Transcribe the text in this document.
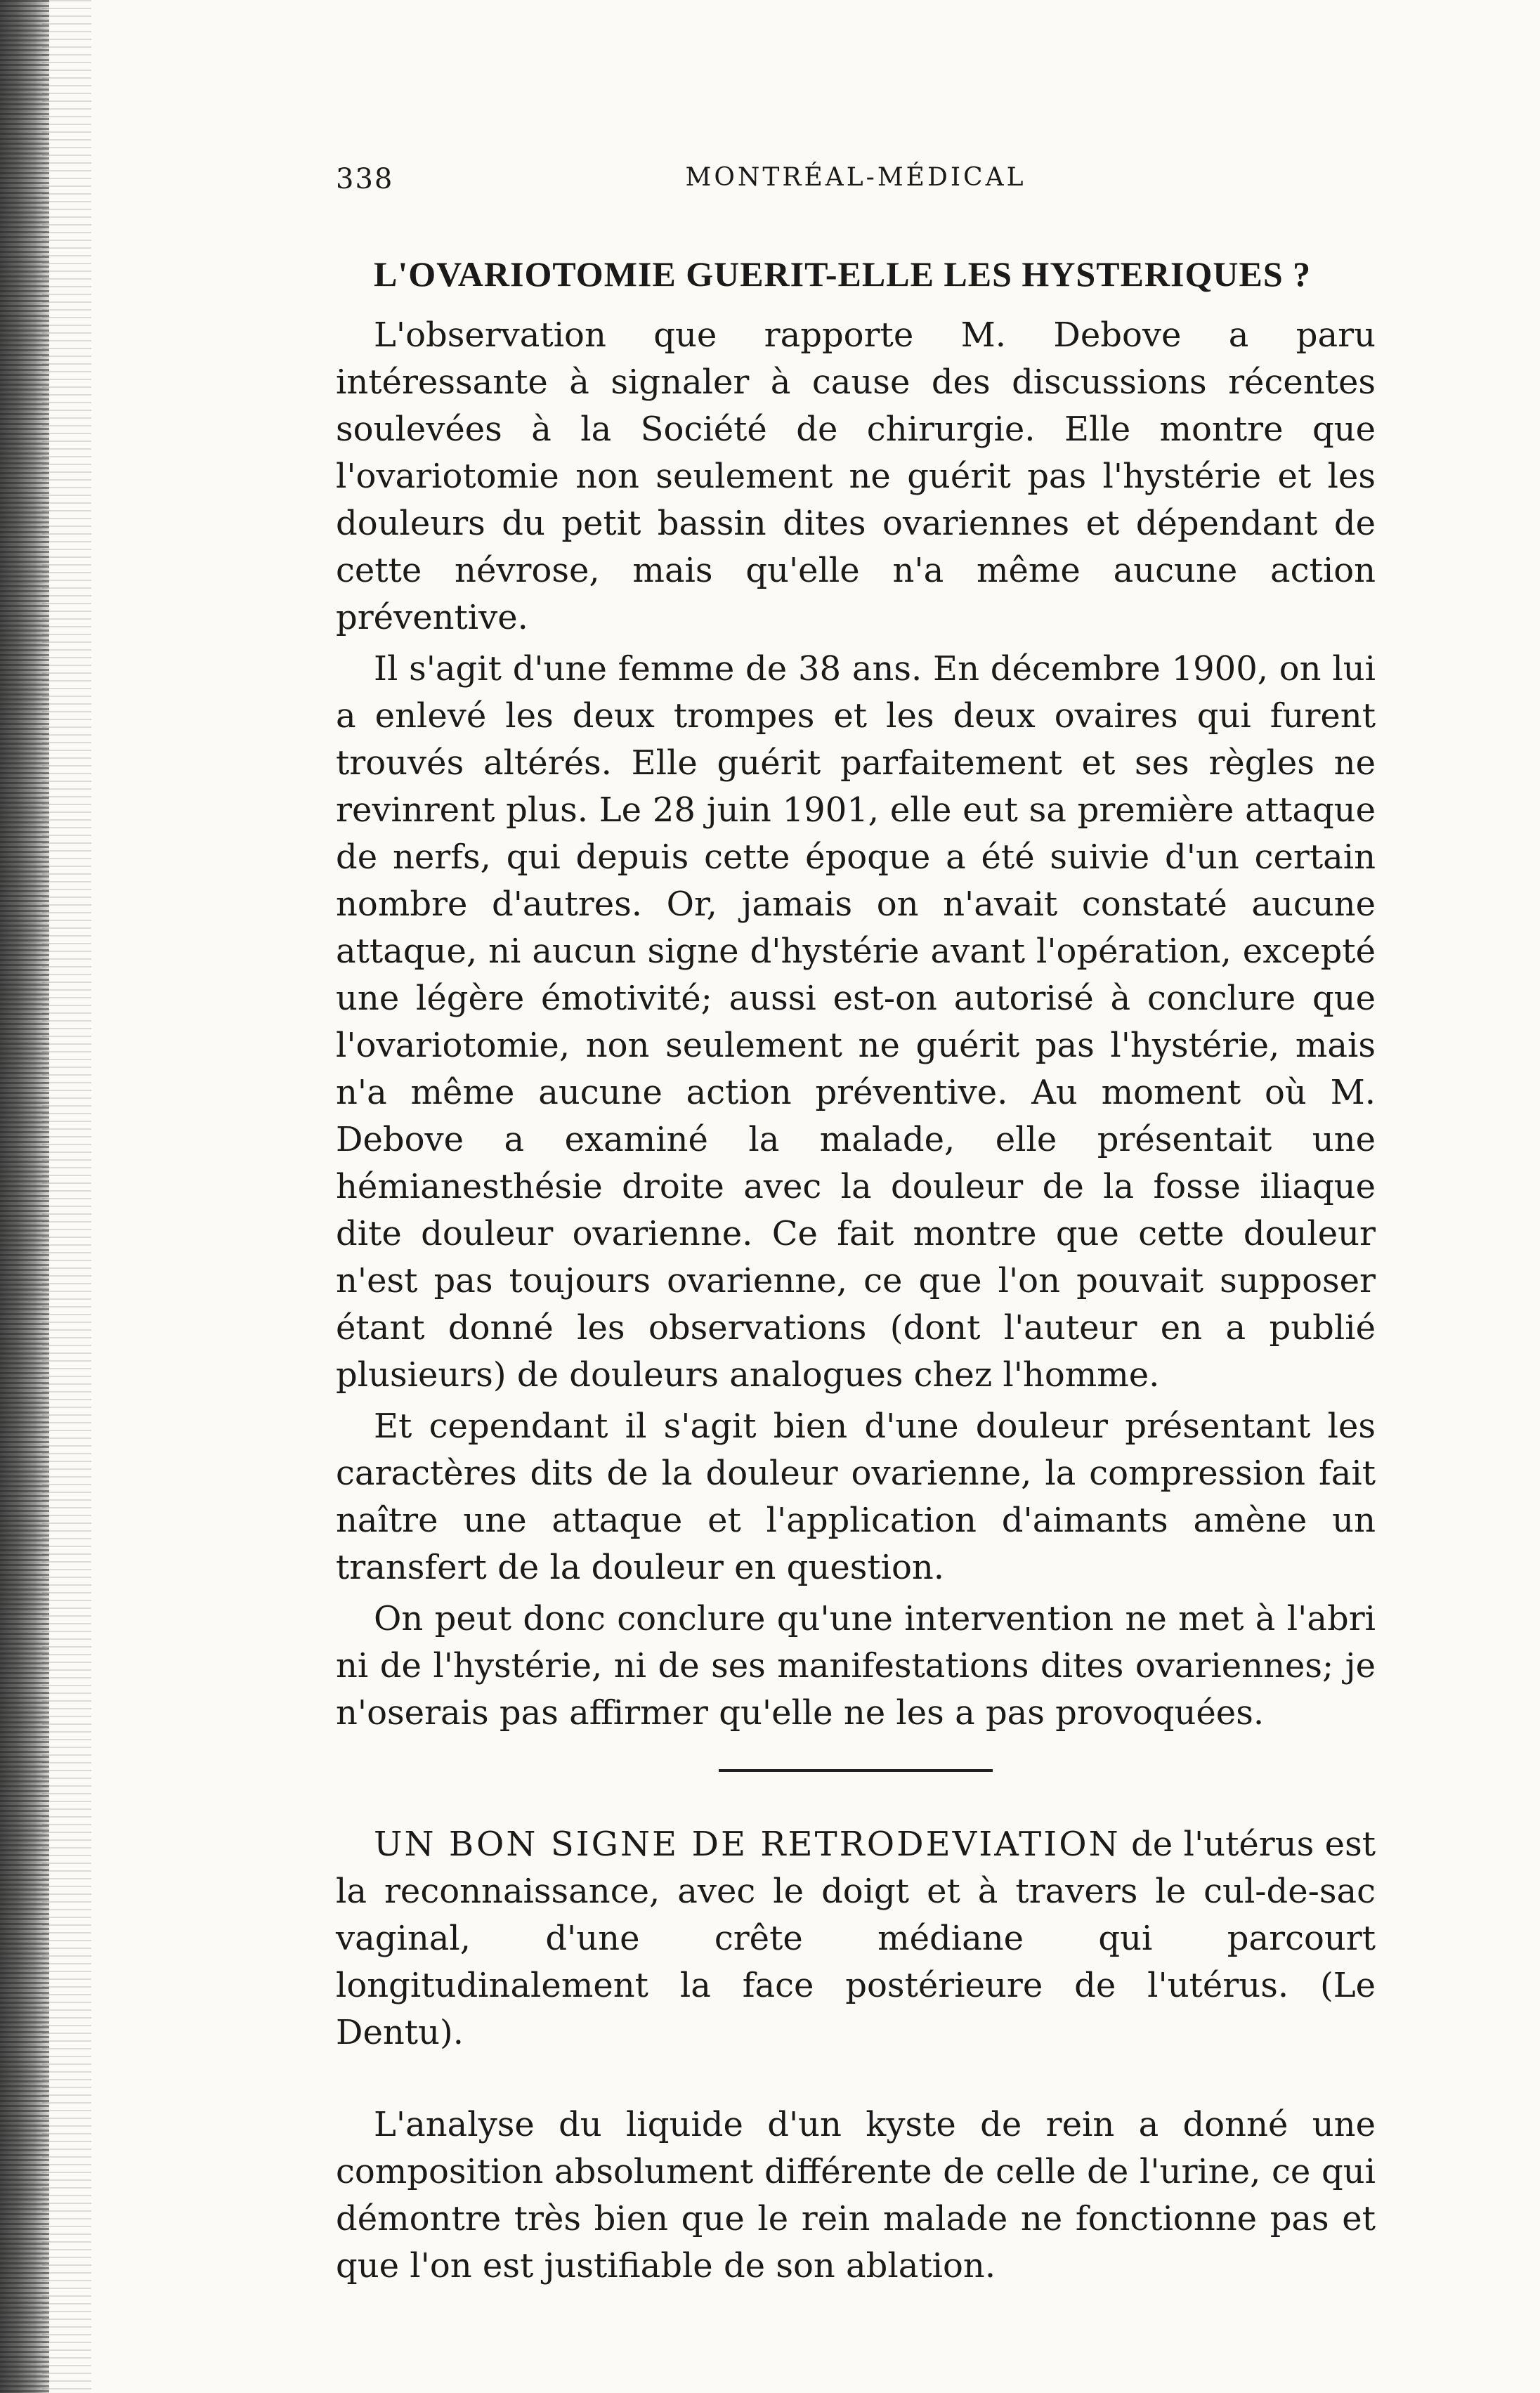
338	MONTRÉAL-MÉDICAL
L'OVARIOTOMIE GUERIT-ELLE LES HYSTERIQUES ?

L'observation que rapporte M. Debove a paru intéressante à signaler à cause des discussions récentes soulevées à la Société de chirurgie. Elle montre que l'ovariotomie non seulement ne guérit pas l'hystérie et les douleurs du petit bassin dites ovariennes et dépendant de cette névrose, mais qu'elle n'a même aucune action préventive.

Il s'agit d'une femme de 38 ans. En décembre 1900, on lui a enlevé les deux trompes et les deux ovaires qui furent trouvés altérés. Elle guérit parfaitement et ses règles ne revinrent plus. Le 28 juin 1901, elle eut sa première attaque de nerfs, qui depuis cette époque a été suivie d'un certain nombre d'autres. Or, jamais on n'avait constaté aucune attaque, ni aucun signe d'hystérie avant l'opération, excepté une légère émotivité; aussi est-on autorisé à conclure que l'ovariotomie, non seulement ne guérit pas l'hystérie, mais n'a même aucune action préventive. Au moment où M. Debove a examiné la malade, elle présentait une hémianesthésie droite avec la douleur de la fosse iliaque dite douleur ovarienne. Ce fait montre que cette douleur n'est pas toujours ovarienne, ce que l'on pouvait supposer étant donné les observations (dont l'auteur en a publié plusieurs) de douleurs analogues chez l'homme.

Et cependant il s'agit bien d'une douleur présentant les caractères dits de la douleur ovarienne, la compression fait naître une attaque et l'application d'aimants amène un transfert de la douleur en question.

On peut donc conclure qu'une intervention ne met à l'abri ni de l'hystérie, ni de ses manifestations dites ovariennes; je n'oserais pas affirmer qu'elle ne les a pas provoquées.

UN BON SIGNE DE RETRODEVIATION de l'utérus est la reconnaissance, avec le doigt et à travers le cul-de-sac vaginal, d'une crête médiane qui parcourt longitudinalement la face postérieure de l'utérus. (Le Dentu).

L'analyse du liquide d'un kyste de rein a donné une composition absolument différente de celle de l'urine, ce qui démontre très bien que le rein malade ne fonctionne pas et que l'on est justifiable de son ablation.
